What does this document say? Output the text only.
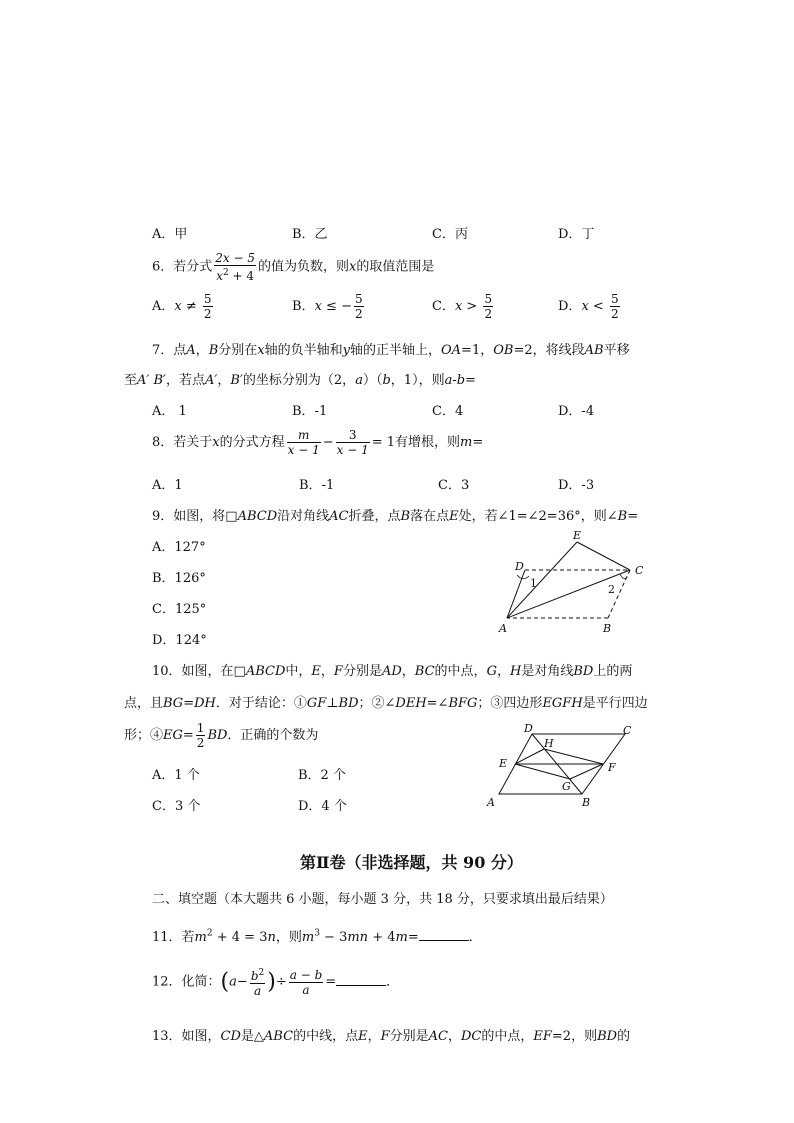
A．甲	B．乙	C．丙	D．丁
6．若分式 $\frac{2x - 5}{x^2 + 4}$ 的值为负数，则x的取值范围是
A．$x \ne \frac{5}{2}$	B．x ≤ − $\frac{5}{2}$	C．$x > \frac{5}{2}$	D．$x < \frac{5}{2}$
7．点A，B分别在x轴的负半轴和y轴的正半轴上，OA=1，OB=2，将线段AB平移
至A′ B′，若点A′，B′的坐标分别为（2，a）（b，1），则a-b=
A． 1	B．-1	C．4	D．-4
8．若关于x的分式方程 $\frac{m}{x - 1} - \frac{3}{x - 1} = 1$有增根，则m=
A．1	B．-1	C．3	D．-3
9．如图，将□ABCD沿对角线AC折叠，点B落在点E处，若∠1=∠2=36°，则∠B=
A．127°
B．126°
C．125°
D．124°
E
D	C
A	B
1	2
10．如图，在□ABCD中，E，F分别是AD，BC的中点，G，H是对角线BD上的两
点，且BG=DH．对于结论：①GF⊥BD；②∠DEH=∠BFG；③四边形EGFH是平行四边
形；④EG= $\frac{1}{2}$ BD．正确的个数为
A．1 个	B．2 个
C．3 个	D．4 个
D	C
H
E	F
G
A	B
第Ⅱ卷（非选择题，共 90 分）
二、填空题（本大题共 6 小题，每小题 3 分，共 18 分，只要求填出最后结果）
11．若$m^2 + 4 = 3n$，则$m^3 - 3mn + 4m=$	．
12．化简：($a- \frac{b^2}{a}$ )÷ $\frac{a - b}{a}$ =	．
13．如图，CD是△ABC的中线，点E，F分别是AC，DC的中点，EF=2，则BD的
